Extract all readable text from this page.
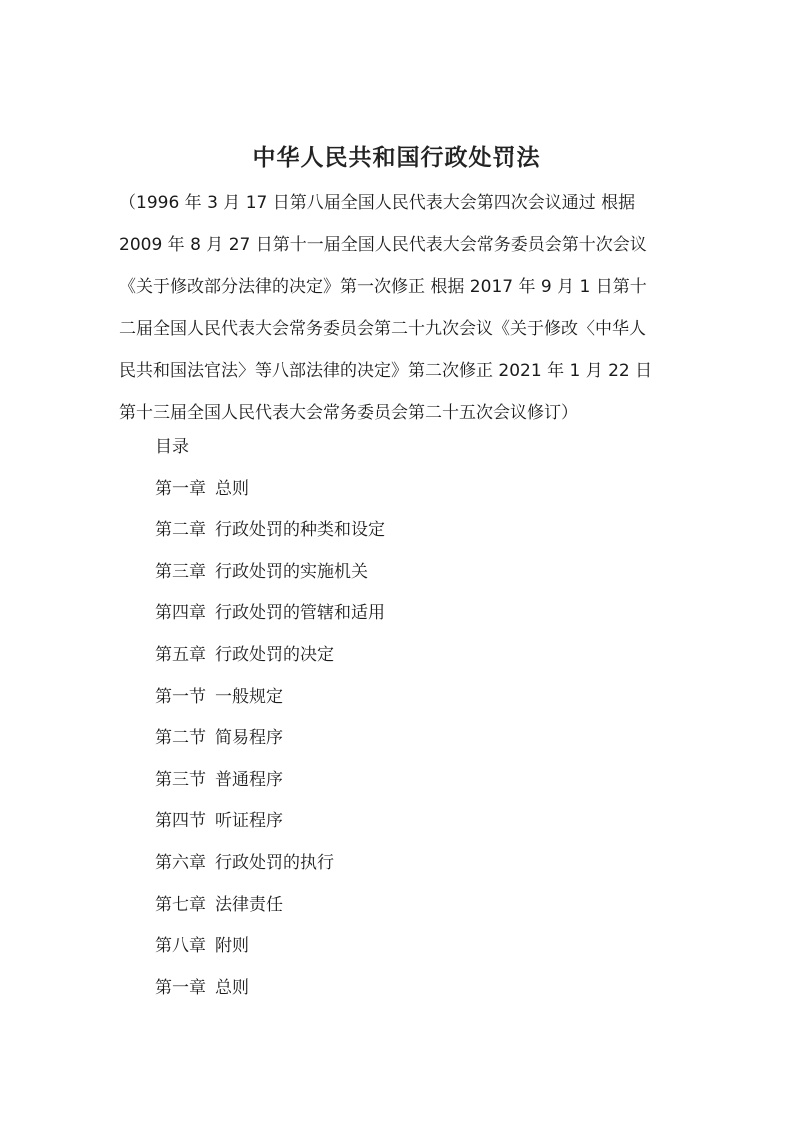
中华人民共和国行政处罚法
（1996 年 3 月 17 日第八届全国人民代表大会第四次会议通过 根据
2009 年 8 月 27 日第十一届全国人民代表大会常务委员会第十次会议
《关于修改部分法律的决定》第一次修正 根据 2017 年 9 月 1 日第十
二届全国人民代表大会常务委员会第二十九次会议《关于修改〈中华人
民共和国法官法〉等八部法律的决定》第二次修正 2021 年 1 月 22 日
第十三届全国人民代表大会常务委员会第二十五次会议修订）
目录
第一章 总则
第二章 行政处罚的种类和设定
第三章 行政处罚的实施机关
第四章 行政处罚的管辖和适用
第五章 行政处罚的决定
第一节 一般规定
第二节 简易程序
第三节 普通程序
第四节 听证程序
第六章 行政处罚的执行
第七章 法律责任
第八章 附则
第一章 总则
